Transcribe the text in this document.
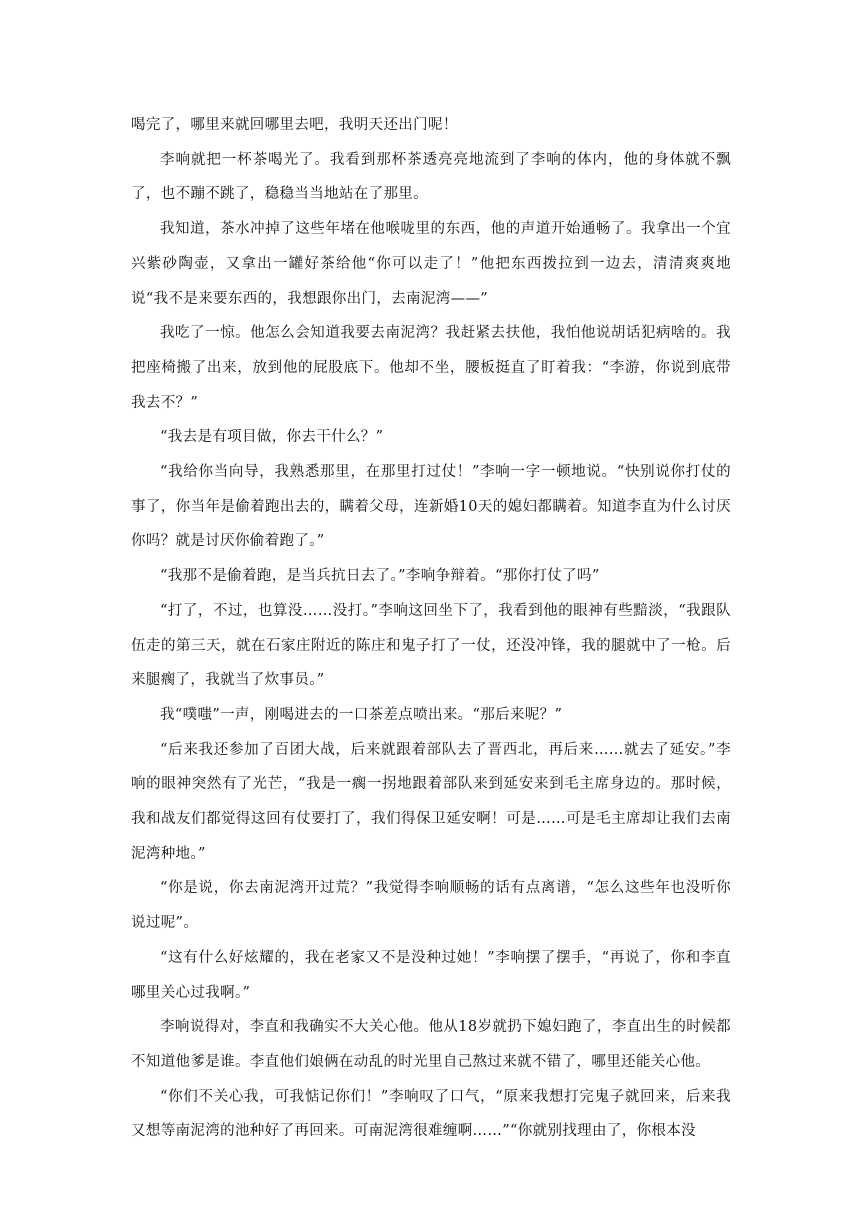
喝完了，哪里来就回哪里去吧，我明天还出门呢！

李响就把一杯茶喝光了。我看到那杯茶透亮亮地流到了李响的体内，他的身体就不飘了，也不蹦不跳了，稳稳当当地站在了那里。

我知道，茶水冲掉了这些年堵在他喉咙里的东西，他的声道开始通畅了。我拿出一个宜兴紫砂陶壶，又拿出一罐好茶给他“你可以走了！”他把东西拨拉到一边去，清清爽爽地说“我不是来要东西的，我想跟你出门，去南泥湾——”

我吃了一惊。他怎么会知道我要去南泥湾？我赶紧去扶他，我怕他说胡话犯病啥的。我把座椅搬了出来，放到他的屁股底下。他却不坐，腰板挺直了盯着我：“李游，你说到底带我去不？”

“我去是有项目做，你去干什么？”

“我给你当向导，我熟悉那里，在那里打过仗！”李响一字一顿地说。“快别说你打仗的事了，你当年是偷着跑出去的，瞒着父母，连新婚10天的媳妇都瞒着。知道李直为什么讨厌你吗？就是讨厌你偷着跑了。”

“我那不是偷着跑，是当兵抗日去了。”李响争辩着。“那你打仗了吗”

“打了，不过，也算没……没打。”李响这回坐下了，我看到他的眼神有些黯淡，“我跟队伍走的第三天，就在石家庄附近的陈庄和鬼子打了一仗，还没冲锋，我的腿就中了一枪。后来腿瘸了，我就当了炊事员。”

我“噗嗤”一声，刚喝进去的一口茶差点喷出来。“那后来呢？”

“后来我还参加了百团大战，后来就跟着部队去了晋西北，再后来……就去了延安。”李响的眼神突然有了光芒，“我是一瘸一拐地跟着部队来到延安来到毛主席身边的。那时候，我和战友们都觉得这回有仗要打了，我们得保卫延安啊！可是……可是毛主席却让我们去南泥湾种地。”

“你是说，你去南泥湾开过荒？”我觉得李响顺畅的话有点离谱，“怎么这些年也没听你说过呢”。

“这有什么好炫耀的，我在老家又不是没种过她！”李响摆了摆手，“再说了，你和李直哪里关心过我啊。”

李响说得对，李直和我确实不大关心他。他从18岁就扔下媳妇跑了，李直出生的时候都不知道他爹是谁。李直他们娘俩在动乱的时光里自己熬过来就不错了，哪里还能关心他。

“你们不关心我，可我惦记你们！”李响叹了口气，“原来我想打完鬼子就回来，后来我又想等南泥湾的池种好了再回来。可南泥湾很难缠啊……”“你就别找理由了，你根本没
